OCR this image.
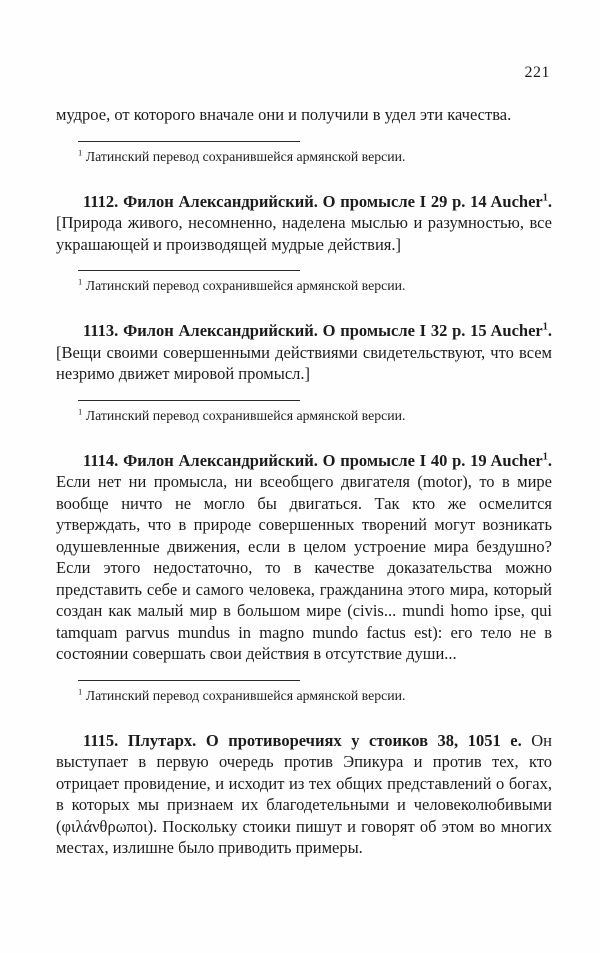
221

мудрое, от которого вначале они и получили в удел эти качества.

$^1$ Латинский перевод сохранившейся армянской версии.

1112. Филон Александрийский. О промысле I 29 p. 14 Aucher$^1$. [Природа живого, несомненно, наделена мыслью и разумностью, все украшающей и производящей мудрые действия.]

$^1$ Латинский перевод сохранившейся армянской версии.

1113. Филон Александрийский. О промысле I 32 p. 15 Aucher$^1$. [Вещи своими совершенными действиями свидетельствуют, что всем незримо движет мировой промысл.]

$^1$ Латинский перевод сохранившейся армянской версии.

1114. Филон Александрийский. О промысле I 40 p. 19 Aucher$^1$. Если нет ни промысла, ни всеобщего двигателя (motor), то в мире вообще ничто не могло бы двигаться. Так кто же осмелится утверждать, что в природе совершенных творений могут возникать одушевленные движения, если в целом устроение мира бездушно? Если этого недостаточно, то в качестве доказательства можно представить себе и самого человека, гражданина этого мира, который создан как малый мир в большом мире (civis... mundi homo ipse, qui tamquam parvus mundus in magno mundo factus est): его тело не в состоянии совершать свои действия в отсутствие души...

$^1$ Латинский перевод сохранившейся армянской версии.

1115. Плутарх. О противоречиях у стоиков 38, 1051 e. Он выступает в первую очередь против Эпикура и против тех, кто отрицает провидение, и исходит из тех общих представлений о богах, в которых мы признаем их благодетельными и человеколюбивыми (φιλάνθρωποι). Поскольку стоики пишут и говорят об этом во многих местах, излишне было приводить примеры.
